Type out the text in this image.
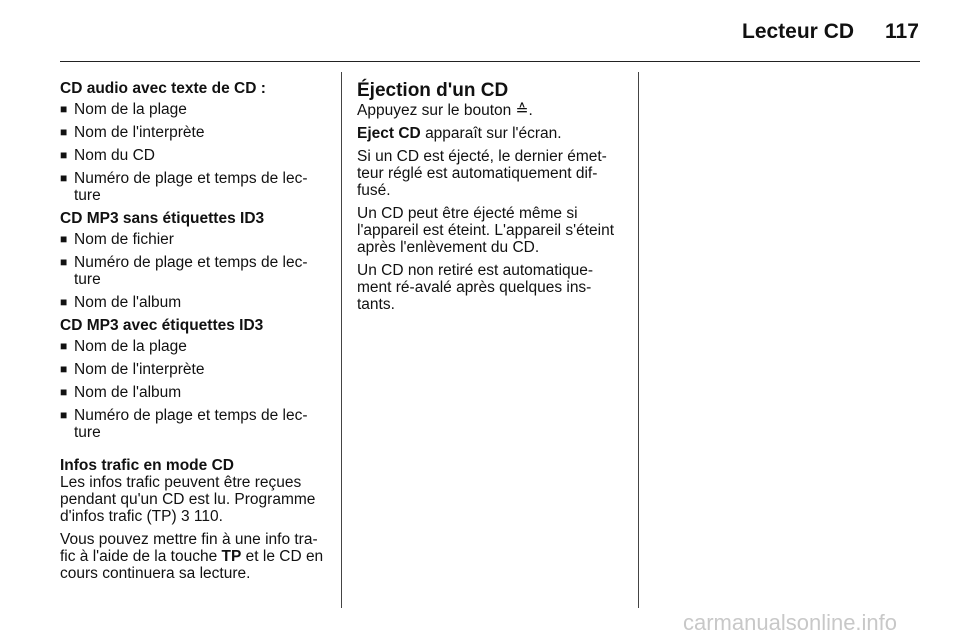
Lecteur CD 117
CD audio avec texte de CD :
■ Nom de la plage
■ Nom de l'interprète
■ Nom du CD
■ Numéro de plage et temps de lec-ture
CD MP3 sans étiquettes ID3
■ Nom de fichier
■ Numéro de plage et temps de lec-ture
■ Nom de l'album
CD MP3 avec étiquettes ID3
■ Nom de la plage
■ Nom de l'interprète
■ Nom de l'album
■ Numéro de plage et temps de lec-ture
Infos trafic en mode CD

Les infos trafic peuvent être reçues pendant qu'un CD est lu. Programme d'infos trafic (TP) 3 110.

Vous pouvez mettre fin à une info tra-fic à l'aide de la touche TP et le CD en cours continuera sa lecture.

Éjection d'un CD

Appuyez sur le bouton ≙.

Eject CD apparaît sur l'écran.

Si un CD est éjecté, le dernier émet-teur réglé est automatiquement dif-fusé.

Un CD peut être éjecté même si l'appareil est éteint. L'appareil s'éteint après l'enlèvement du CD.

Un CD non retiré est automatique-ment ré-avalé après quelques ins-tants.

carmanualsonline.info
